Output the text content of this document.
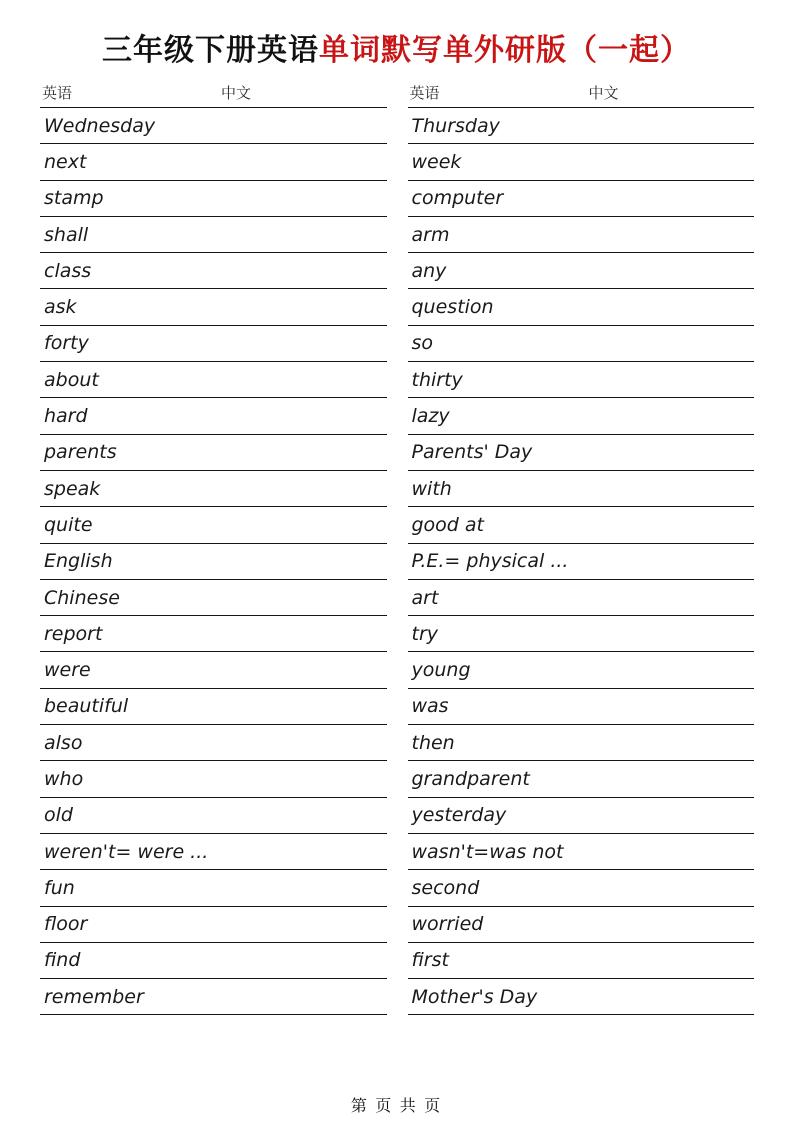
三年级下册英语单词默写单外研版（一起）
英语	中文
Wednesday
next
stamp
shall
class
ask
forty
about
hard
parents
speak
quite
English
Chinese
report
were
beautiful
also
who
old
weren't= were ...
fun
floor
find
remember
英语	中文
Thursday
week
computer
arm
any
question
so
thirty
lazy
Parents' Day
with
good at
P.E.= physical ...
art
try
young
was
then
grandparent
yesterday
wasn't=was not
second
worried
first
Mother's Day
第 页 共 页
